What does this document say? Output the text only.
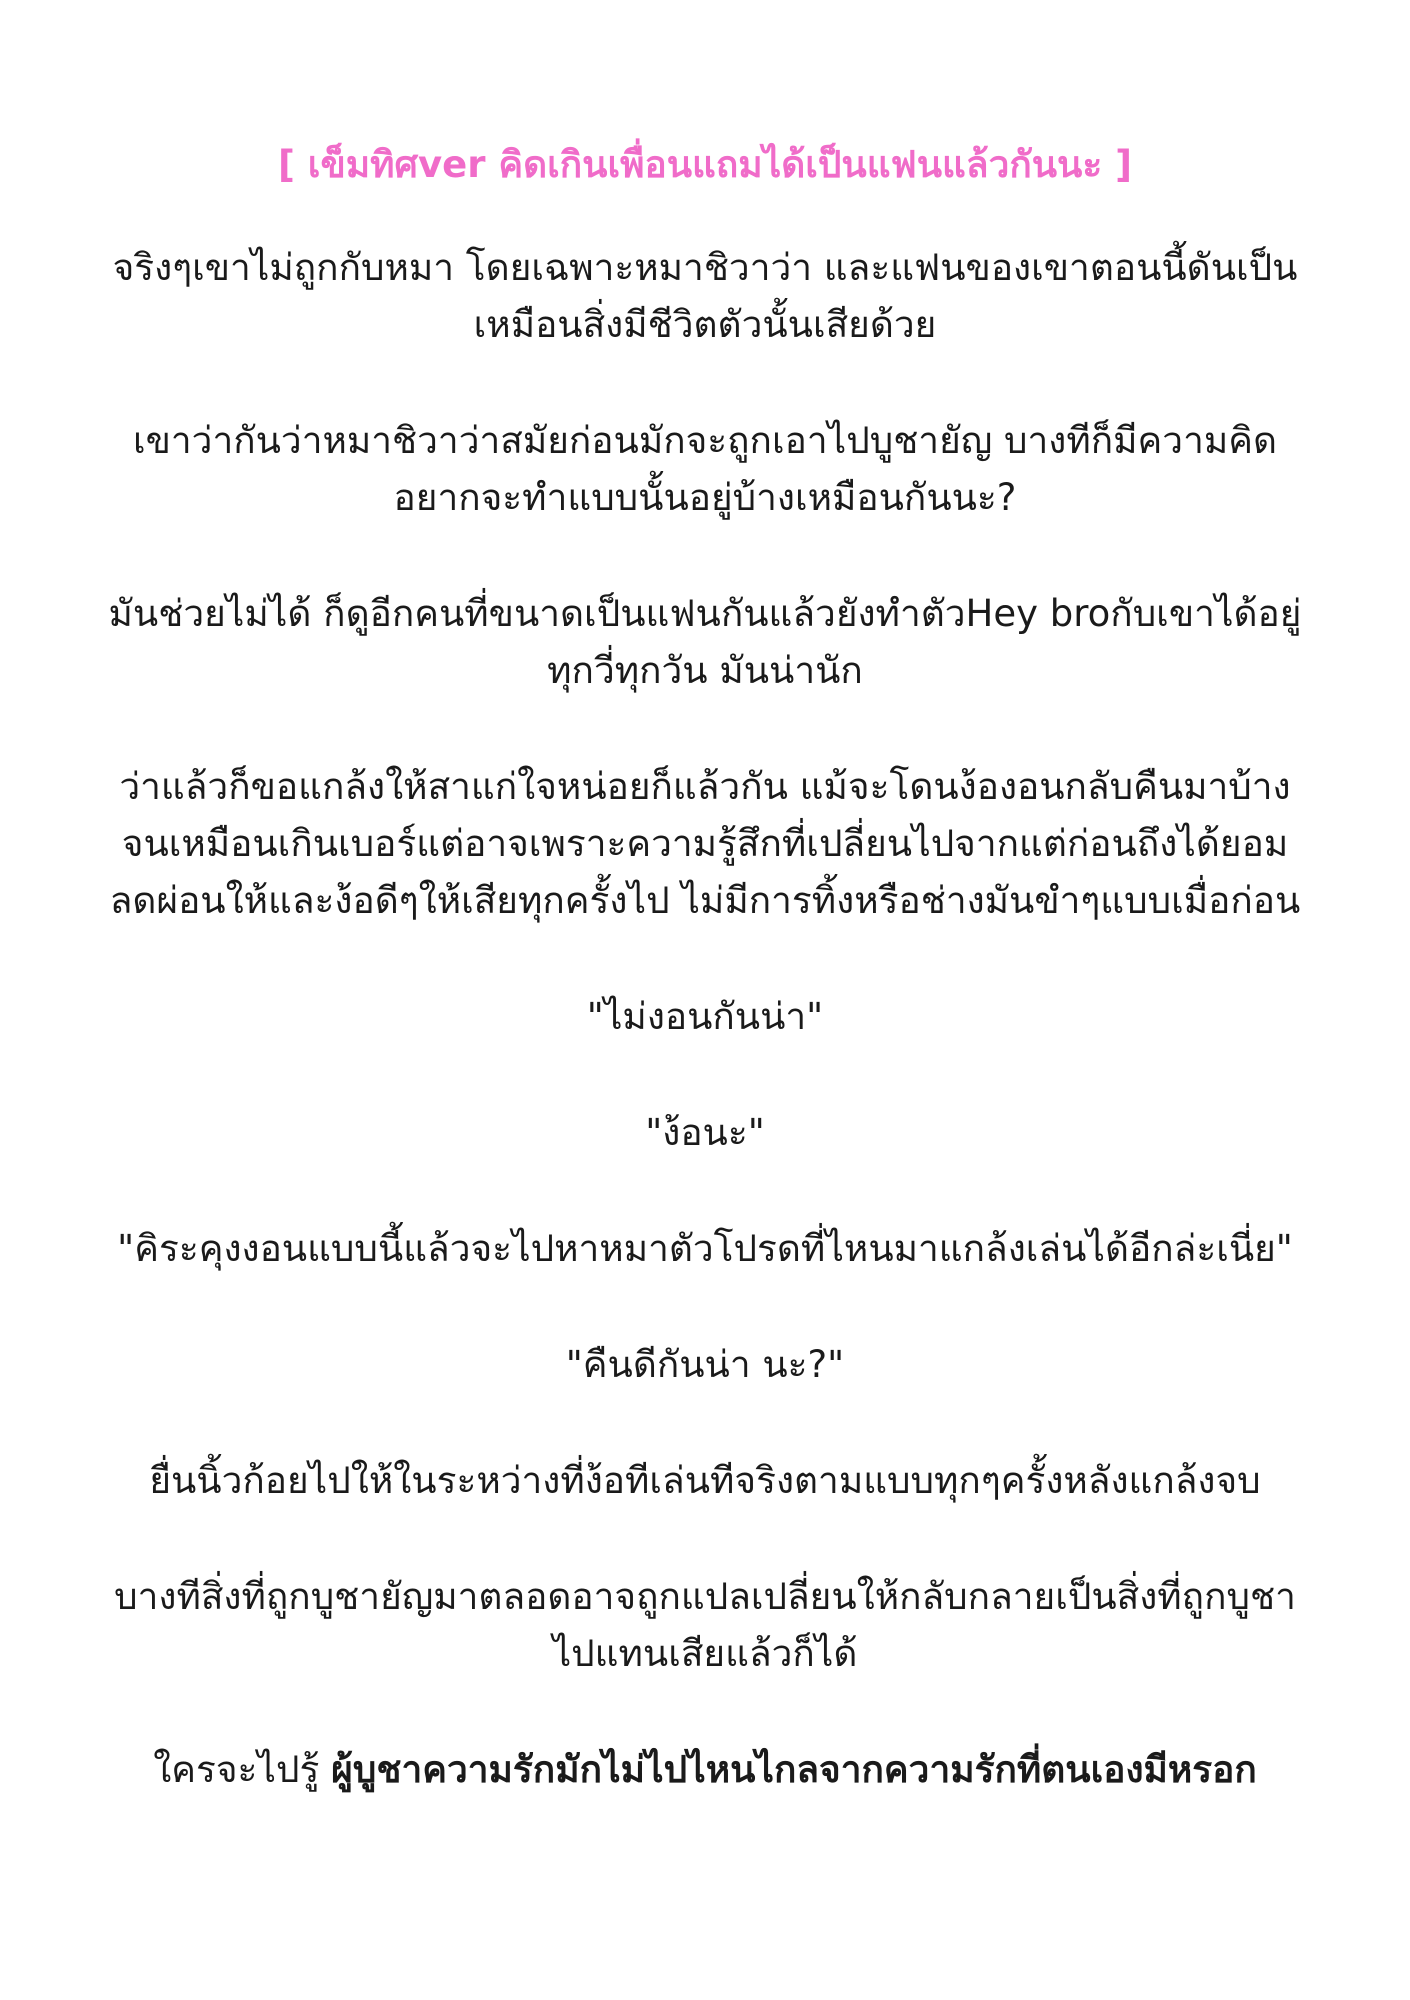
[ เข็มทิศver คิดเกินเพื่อนแถมได้เป็นแฟนแล้วกันนะ ]
จริงๆเขาไม่ถูกกับหมา โดยเฉพาะหมาชิวาว่า และแฟนของเขาตอนนี้ดันเป็นเหมือนสิ่งมีชีวิตตัวนั้นเสียด้วย
เขาว่ากันว่าหมาชิวาว่าสมัยก่อนมักจะถูกเอาไปบูชายัญ บางทีก็มีความคิดอยากจะทำแบบนั้นอยู่บ้างเหมือนกันนะ?
มันช่วยไม่ได้ ก็ดูอีกคนที่ขนาดเป็นแฟนกันแล้วยังทำตัวHey broกับเขาได้อยู่ทุกวี่ทุกวัน มันน่านัก
ว่าแล้วก็ขอแกล้งให้สาแก่ใจหน่อยก็แล้วกัน แม้จะโดนง้องอนกลับคืนมาบ้างจนเหมือนเกินเบอร์แต่อาจเพราะความรู้สึกที่เปลี่ยนไปจากแต่ก่อนถึงได้ยอมลดผ่อนให้และง้อดีๆให้เสียทุกครั้งไป ไม่มีการทิ้งหรือช่างมันขำๆแบบเมื่อก่อน
"ไม่งอนกันน่า"
"ง้อนะ"
"คิระคุงงอนแบบนี้แล้วจะไปหาหมาตัวโปรดที่ไหนมาแกล้งเล่นได้อีกล่ะเนี่ย"
"คืนดีกันน่า นะ?"
ยื่นนิ้วก้อยไปให้ในระหว่างที่ง้อทีเล่นทีจริงตามแบบทุกๆครั้งหลังแกล้งจบ
บางทีสิ่งที่ถูกบูชายัญมาตลอดอาจถูกแปลเปลี่ยนให้กลับกลายเป็นสิ่งที่ถูกบูชาไปแทนเสียแล้วก็ได้
ใครจะไปรู้ ผู้บูชาความรักมักไม่ไปไหนไกลจากความรักที่ตนเองมีหรอก
